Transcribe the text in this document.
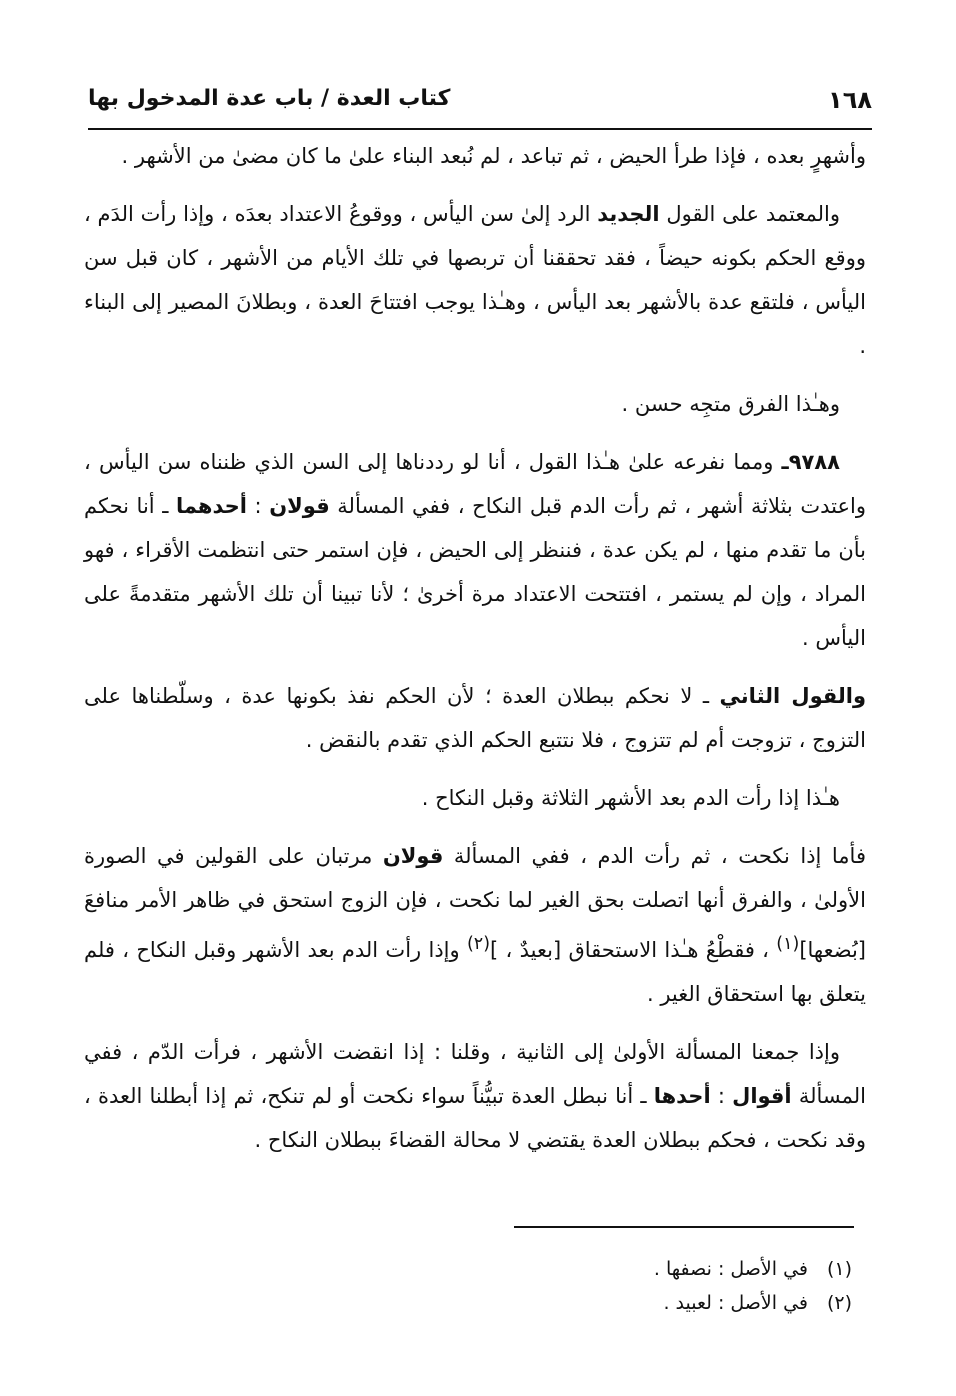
١٦٨
كتاب العدة / باب عدة المدخول بها

وأشهرٍ بعده ، فإذا طرأ الحيض ، ثم تباعد ، لم نُبعد البناء علىٰ ما كان مضىٰ من الأشهر .

والمعتمد على القول الجديد الرد إلىٰ سن اليأس ، ووقوعُ الاعتداد بعدَه ، وإذا رأت الدَم ، ووقع الحكم بكونه حيضاً ، فقد تحققنا أن تربصها في تلك الأيام من الأشهر ، كان قبل سن اليأس ، فلتقع عدة بالأشهر بعد اليأس ، وهـٰذا يوجب افتتاحَ العدة ، وبطلانَ المصير إلى البناء .

وهـٰذا الفرق متجِه حسن .

٩٧٨٨ـ ومما نفرعه علىٰ هـٰذا القول ، أنا لو رددناها إلى السن الذي ظنناه سن اليأس ، واعتدت بثلاثة أشهر ، ثم رأت الدم قبل النكاح ، ففي المسألة قولان : أحدهما ـ أنا نحكم بأن ما تقدم منها ، لم يكن عدة ، فننظر إلى الحيض ، فإن استمر حتى انتظمت الأقراء ، فهو المراد ، وإن لم يستمر ، افتتحت الاعتداد مرة أخرىٰ ؛ لأنا تبينا أن تلك الأشهر متقدمةً على اليأس .

والقول الثاني ـ لا نحكم ببطلان العدة ؛ لأن الحكم نفذ بكونها عدة ، وسلّطناها على التزوج ، تزوجت أم لم تتزوج ، فلا نتتبع الحكم الذي تقدم بالنقض .

هـٰذا إذا رأت الدم بعد الأشهر الثلاثة وقبل النكاح .

فأما إذا نكحت ، ثم رأت الدم ، ففي المسألة قولان مرتبان على القولين في الصورة الأولىٰ ، والفرق أنها اتصلت بحق الغير لما نكحت ، فإن الزوج استحق في ظاهر الأمر منافعَ [بُضعها]$^{(١)}$ ، فقطْعُ هـٰذا الاستحقاق [بعيدٌ ، ]$^{(٢)}$ وإذا رأت الدم بعد الأشهر وقبل النكاح ، فلم يتعلق بها استحقاق الغير .

وإذا جمعنا المسألة الأولىٰ إلى الثانية ، وقلنا : إذا انقضت الأشهر ، فرأت الدّم ، ففي المسألة أقوال : أحدها ـ أنا نبطل العدة تبيُّناً سواء نكحت أو لم تنكح، ثم إذا أبطلنا العدة ، وقد نكحت ، فحكم ببطلان العدة يقتضي لا محالة القضاءَ ببطلان النكاح .

(١)في الأصل : نصفها .
(٢)في الأصل : لعبيد .
